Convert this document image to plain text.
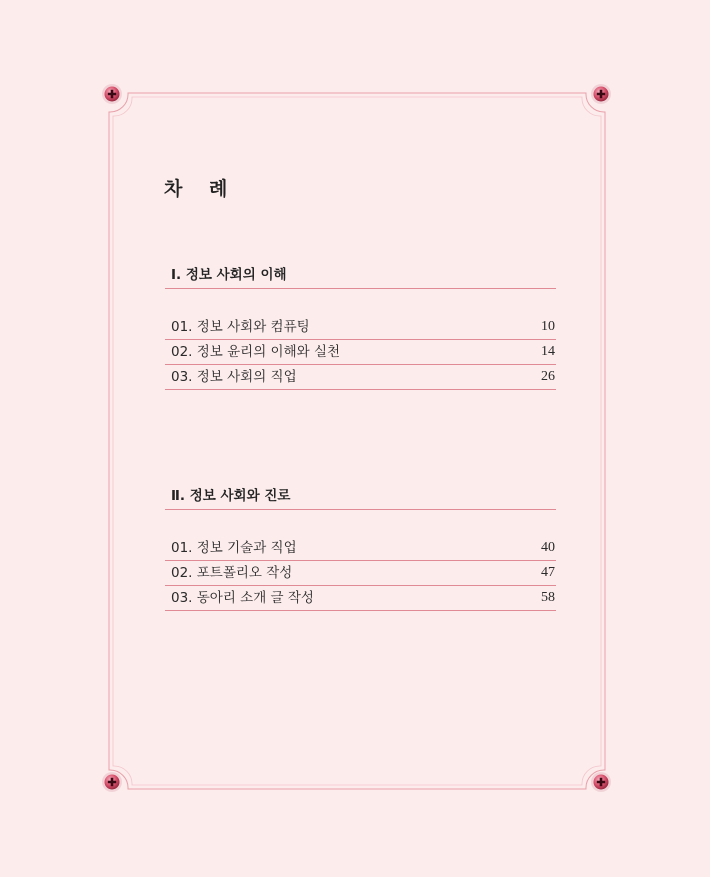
차 례
Ⅰ. 정보 사회의 이해
01. 정보 사회와 컴퓨팅	10
02. 정보 윤리의 이해와 실천	14
03. 정보 사회의 직업	26
Ⅱ. 정보 사회와 진로
01. 정보 기술과 직업	40
02. 포트폴리오 작성	47
03. 동아리 소개 글 작성	58
